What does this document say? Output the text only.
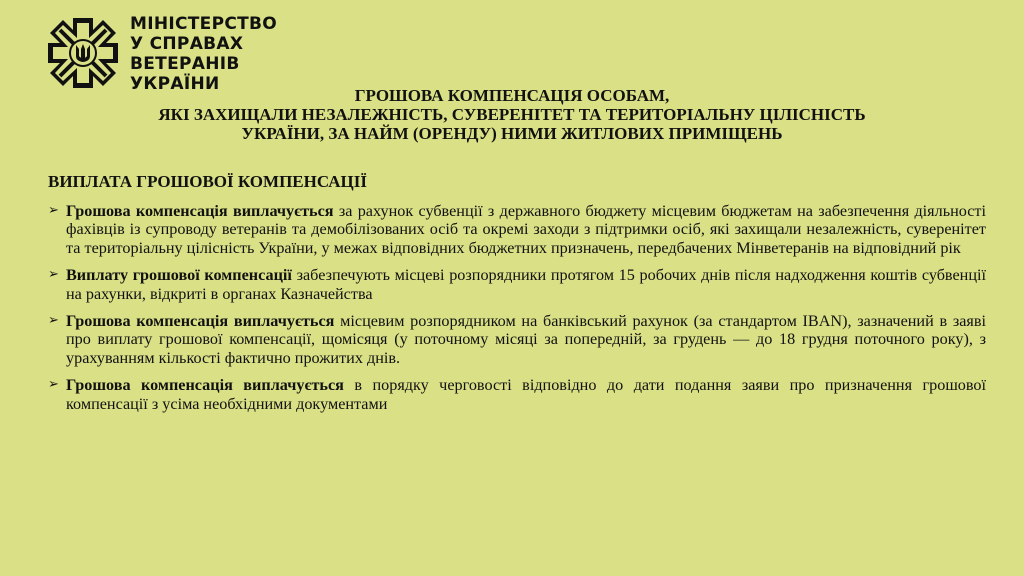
МІНІСТЕРСТВО
У СПРАВАХ
ВЕТЕРАНІВ
УКРАЇНИ
ГРОШОВА КОМПЕНСАЦІЯ ОСОБАМ,
ЯКІ ЗАХИЩАЛИ НЕЗАЛЕЖНІСТЬ, СУВЕРЕНІТЕТ ТА ТЕРИТОРІАЛЬНУ ЦІЛІСНІСТЬ
УКРАЇНИ, ЗА НАЙМ (ОРЕНДУ) НИМИ ЖИТЛОВИХ ПРИМІЩЕНЬ
ВИПЛАТА ГРОШОВОЇ КОМПЕНСАЦІЇ
➢ Грошова компенсація виплачується за рахунок субвенції з державного бюджету місцевим бюджетам на забезпечення діяльності фахівців із супроводу ветеранів та демобілізованих осіб та окремі заходи з підтримки осіб, які захищали незалежність, суверенітет та територіальну цілісність України, у межах відповідних бюджетних призначень, передбачених Мінветеранів на відповідний рік
➢ Виплату грошової компенсації забезпечують місцеві розпорядники протягом 15 робочих днів після надходження коштів субвенції на рахунки, відкриті в органах Казначейства
➢ Грошова компенсація виплачується місцевим розпорядником на банківський рахунок (за стандартом IBAN), зазначений в заяві про виплату грошової компенсації, щомісяця (у поточному місяці за попередній, за грудень — до 18 грудня поточного року), з урахуванням кількості фактично прожитих днів.
➢ Грошова компенсація виплачується в порядку черговості відповідно до дати подання заяви про призначення грошової компенсації з усіма необхідними документами
